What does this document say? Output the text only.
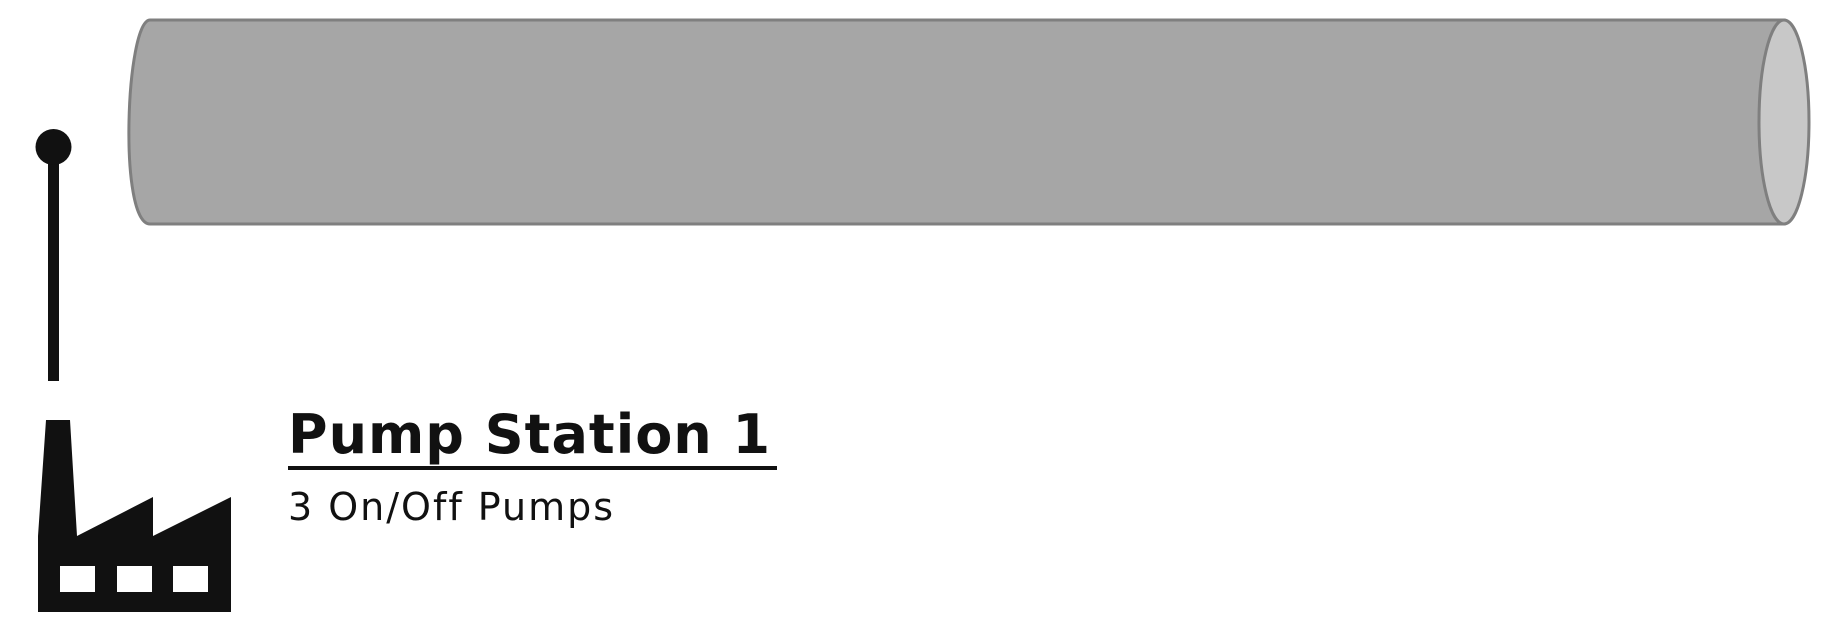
Pump Station 1
3 On/Off Pumps
